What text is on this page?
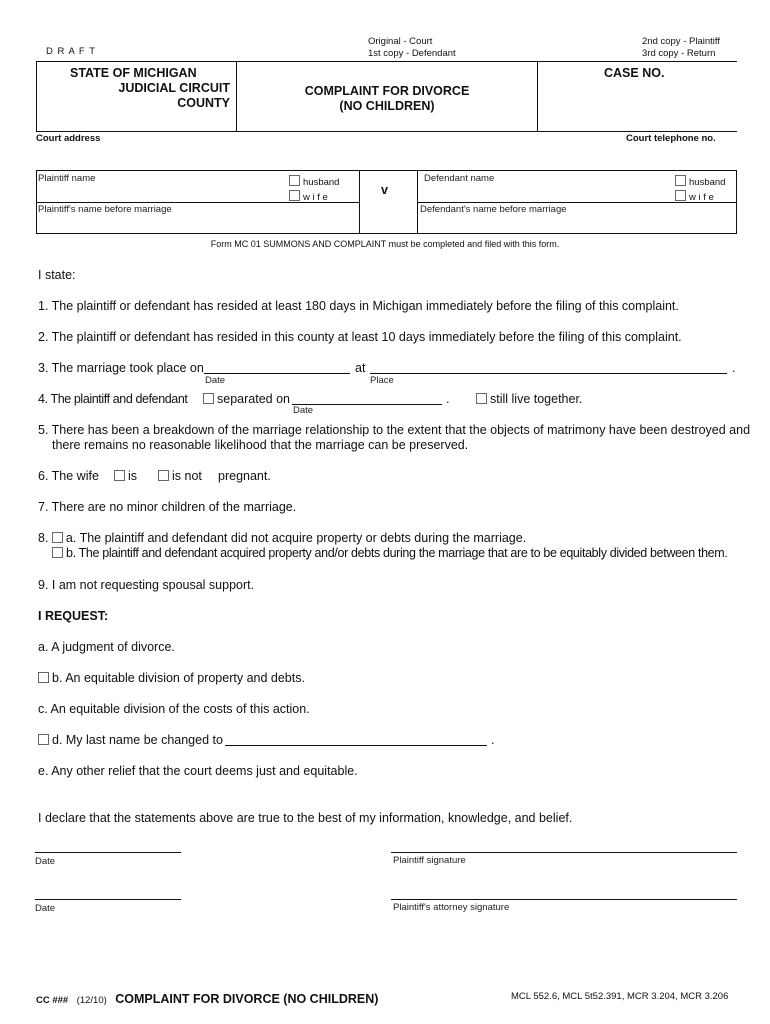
D R A F T
Original - Court
1st copy - Defendant
2nd copy - Plaintiff
3rd copy - Return
STATE OF MICHIGAN
JUDICIAL CIRCUIT
COUNTY
COMPLAINT FOR DIVORCE
(NO CHILDREN)
CASE NO.
Court address	Court telephone no.
Plaintiff name
Plaintiff's name before marriage
husband
w i f e
v
Defendant name
Defendant's name before marriage
husband
w i f e
Form MC 01 SUMMONS AND COMPLAINT must be completed and filed with this form.
I state:
1. The plaintiff or defendant has resided at least 180 days in Michigan immediately before the filing of this complaint.
2. The plaintiff or defendant has resided in this county at least 10 days immediately before the filing of this complaint.
3. The marriage took place on	at	.
Date	Place
4. The plaintiff and defendant	separated on	.
Date
still live together.
5. There has been a breakdown of the marriage relationship to the extent that the objects of matrimony have been destroyed and
there remains no reasonable likelihood that the marriage can be preserved.
6. The wife	is	is not pregnant.
7. There are no minor children of the marriage.
8. a. The plaintiff and defendant did not acquire property or debts during the marriage.
b. The plaintiff and defendant acquired property and/or debts during the marriage that are to be equitably divided between them.
9. I am not requesting spousal support.
I REQUEST:
a. A judgment of divorce.
b. An equitable division of property and debts.
c. An equitable division of the costs of this action.
d. My last name be changed to	.
e. Any other relief that the court deems just and equitable.
I declare that the statements above are true to the best of my information, knowledge, and belief.
Date	Plaintiff signature
Date	Plaintiff's attorney signature
CC ### (12/10) COMPLAINT FOR DIVORCE (NO CHILDREN)	MCL 552.6, MCL 5t52.391, MCR 3.204, MCR 3.206
